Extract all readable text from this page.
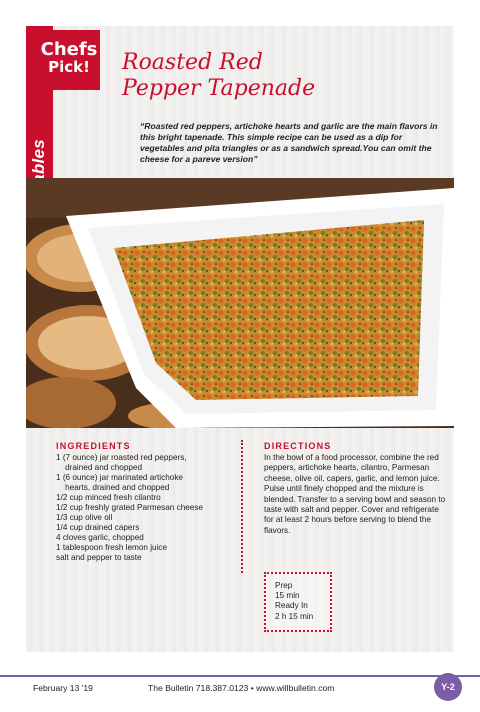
Chefs
Pick!	Roasted Red
Pepper Tapenade

“Roasted red peppers, artichoke hearts and garlic are the main flavors in this bright tapenade. This simple recipe can be used as a dip for vegetables and pita triangles or as a sandwich spread.You can omit the cheese for a pareve version”

INGREDIENTS
1 (7 ounce) jar roasted red peppers,
drained and chopped
1 (6 ounce) jar marinated artichoke
hearts, drained and chopped
1/2 cup minced fresh cilantro
1/2 cup freshly grated Parmesan cheese
1/3 cup olive oil
1/4 cup drained capers
4 cloves garlic, chopped
1 tablespoon fresh lemon juice
salt and pepper to taste
DIRECTIONS

In the bowl of a food processor, combine the red peppers, artichoke hearts, cilantro, Parmesan cheese, olive oil, capers, garlic, and lemon juice. Pulse until finely chopped and the mixture is blended. Transfer to a serving bowl and season to taste with salt and pepper. Cover and refrigerate for at least 2 hours before serving to blend the flavors.

Prep
15 min
Ready In
2 h 15 min
February 13 '19	The Bulletin 718.387.0123 • www.willbulletin.com	Y-2
